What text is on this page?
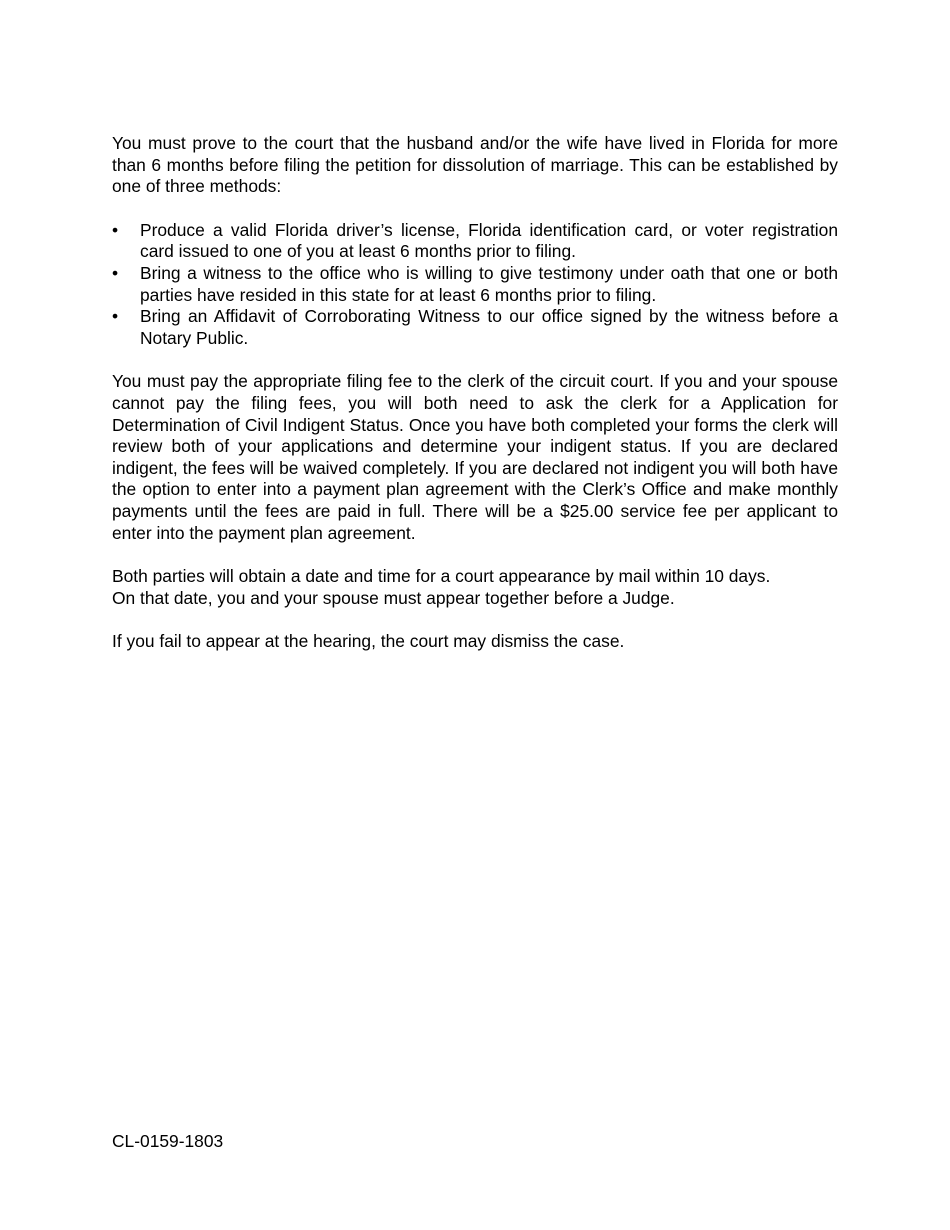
You must prove to the court that the husband and/or the wife have lived in Florida for more than 6 months before filing the petition for dissolution of marriage. This can be established by one of three methods:

• Produce a valid Florida driver’s license, Florida identification card, or voter registration card issued to one of you at least 6 months prior to filing.
• Bring a witness to the office who is willing to give testimony under oath that one or both parties have resided in this state for at least 6 months prior to filing.
• Bring an Affidavit of Corroborating Witness to our office signed by the witness before a Notary Public.

You must pay the appropriate filing fee to the clerk of the circuit court. If you and your spouse cannot pay the filing fees, you will both need to ask the clerk for a Application for Determination of Civil Indigent Status. Once you have both completed your forms the clerk will review both of your applications and determine your indigent status. If you are declared indigent, the fees will be waived completely. If you are declared not indigent you will both have the option to enter into a payment plan agreement with the Clerk’s Office and make monthly payments until the fees are paid in full. There will be a $25.00 service fee per applicant to enter into the payment plan agreement.

Both parties will obtain a date and time for a court appearance by mail within 10 days.
On that date, you and your spouse must appear together before a Judge.

If you fail to appear at the hearing, the court may dismiss the case.

CL-0159-1803
